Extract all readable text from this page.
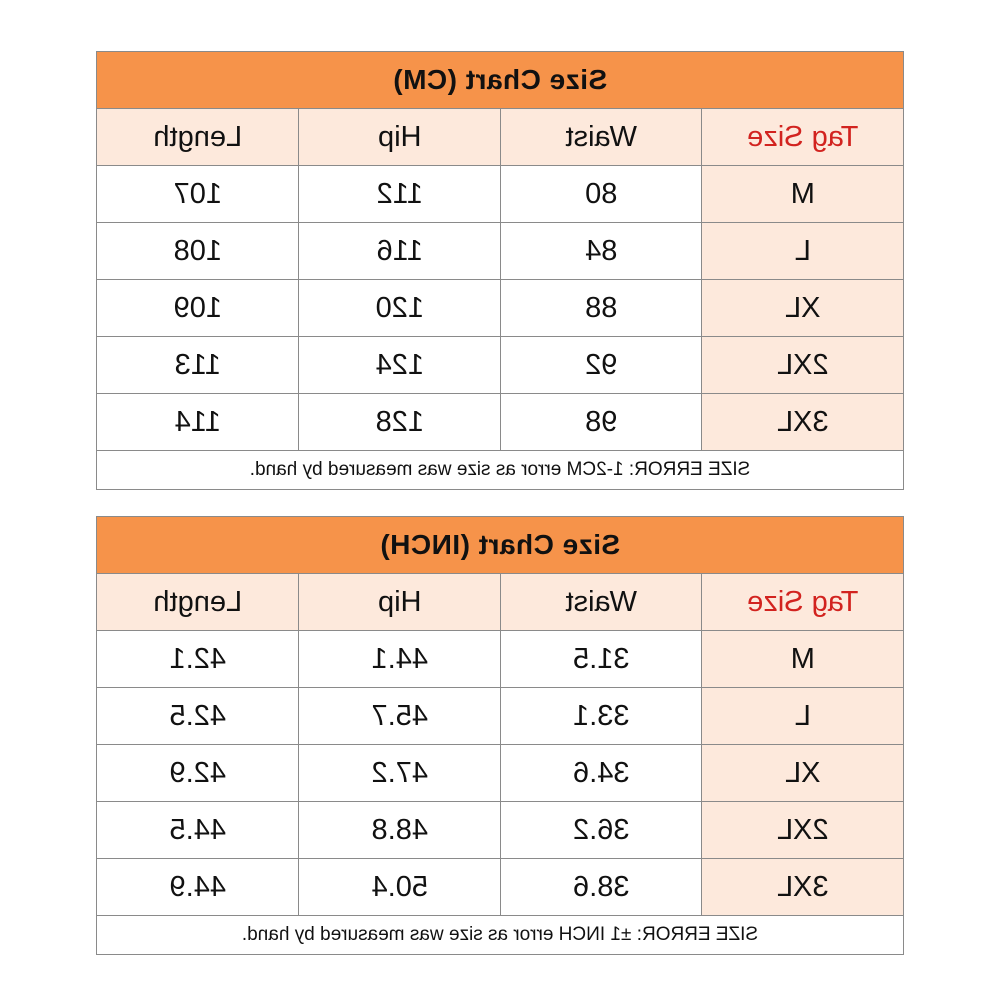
Size Chart (CM)
Tag Size
Waist
Hip
Length
M
80
112
107
L
84
116
108
XL
88
120
109
2XL
92
124
113
3XL
98
128
114
SIZE ERROR: 1-2CM error as size was measured by hand.
Size Chart (INCH)
Tag Size
Waist
Hip
Length
M
31.5
44.1
42.1
L
33.1
45.7
42.5
XL
34.6
47.2
42.9
2XL
36.2
48.8
44.5
3XL
38.6
50.4
44.9
SIZE ERROR: ±1 INCH error as size was measured by hand.
